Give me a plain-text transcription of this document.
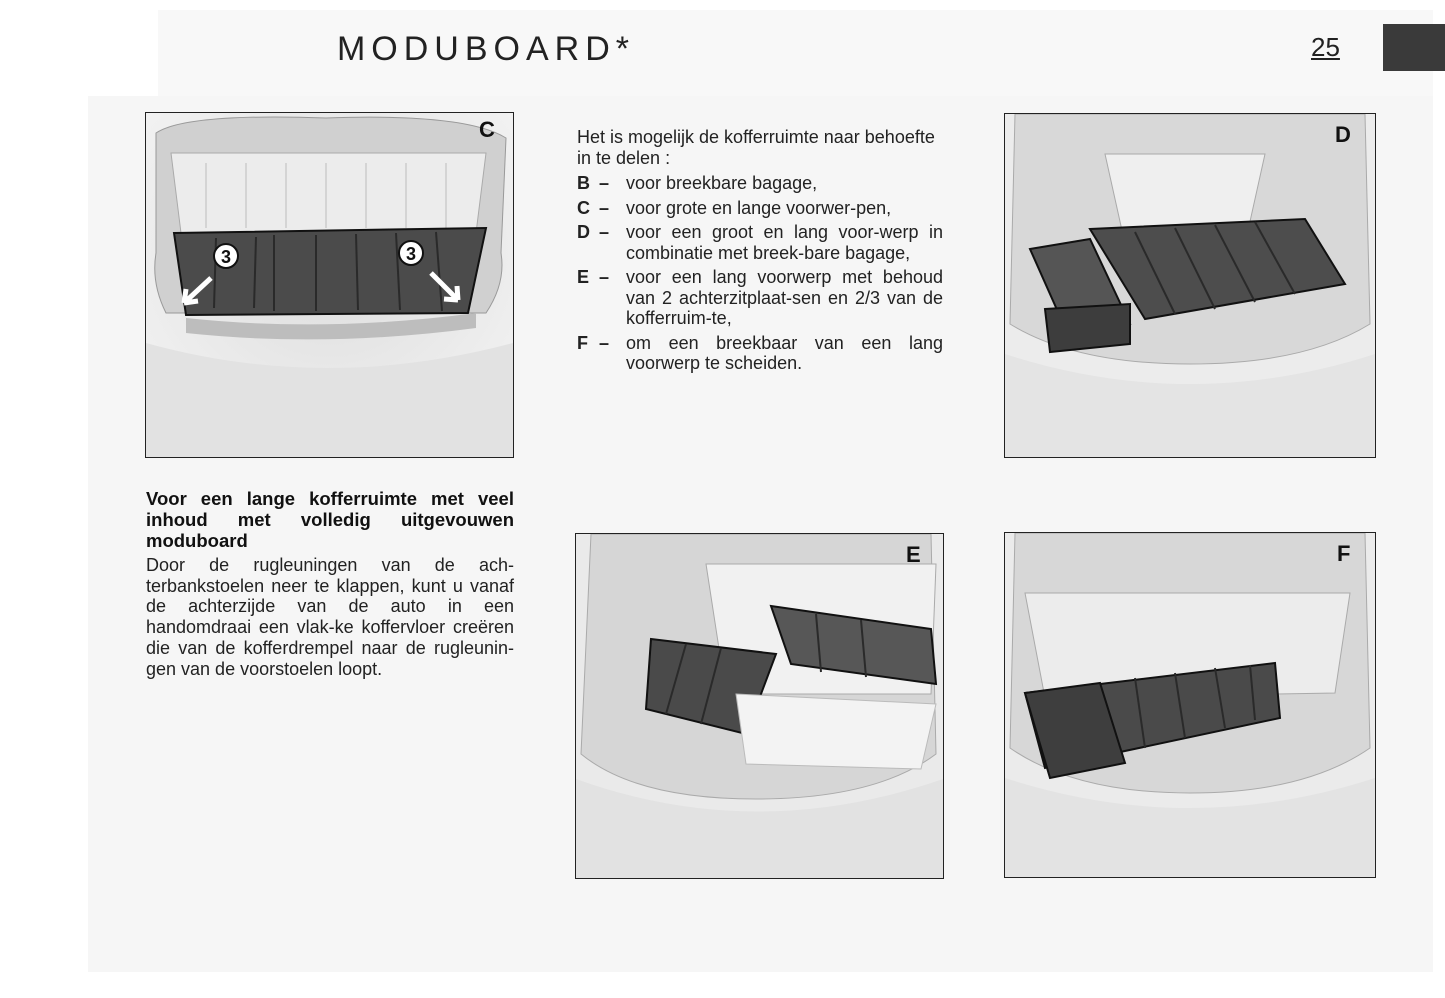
MODUBOARD*	25
3	3
C	Het is mogelijk de kofferruimte naar behoefte in te delen :
B – voor breekbare bagage,
C – voor grote en lange voorwer-pen,
D – voor een groot en lang voor-werp in combinatie met breek-bare bagage,
E – voor een lang voorwerp met behoud van 2 achterzitplaat-sen en 2/3 van de kofferruim-te,
F – om een breekbaar van een lang voorwerp te scheiden.
D
Voor een lange kofferruimte met veel inhoud met volledig uitgevouwen moduboard
Door de rugleuningen van de ach-terbankstoelen neer te klappen, kunt u vanaf de achterzijde van de auto in een handomdraai een vlak-ke koffervloer creëren die van de kofferdrempel naar de rugleunin-gen van de voorstoelen loopt.
E	F
